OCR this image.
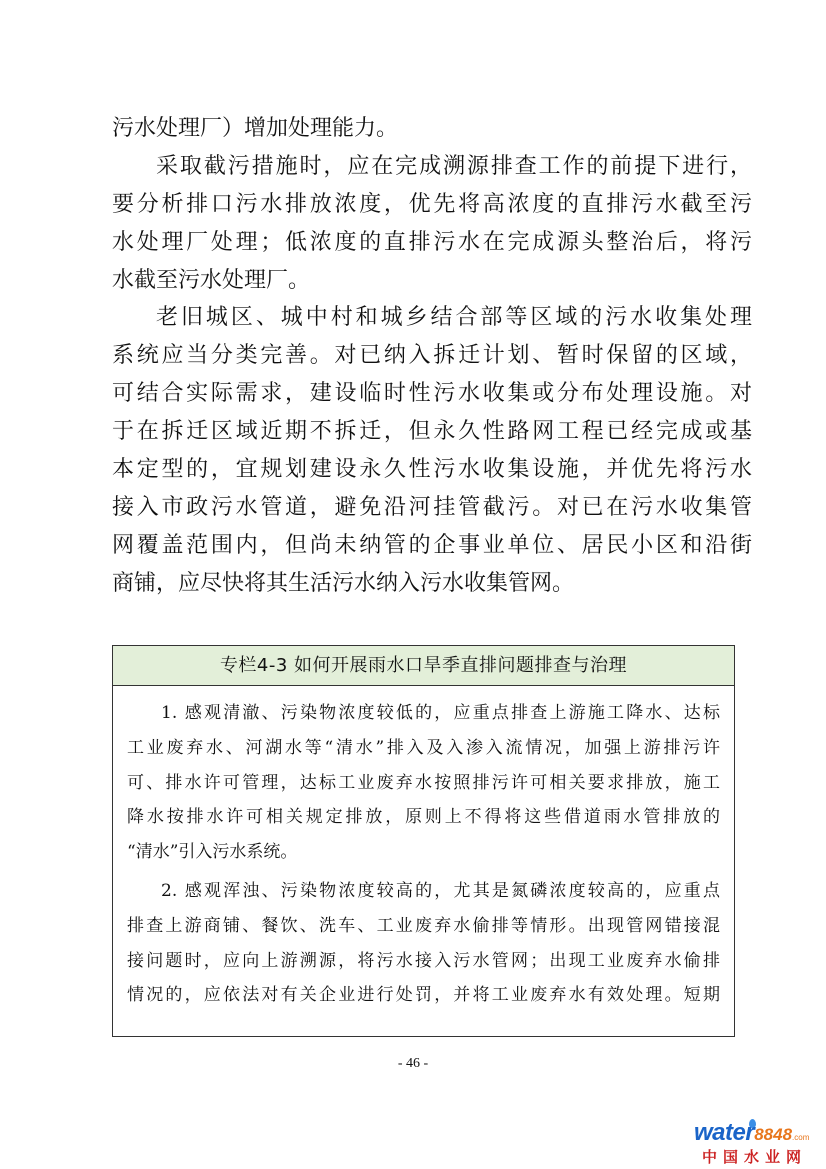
污水处理厂）增加处理能力。
采取截污措施时，应在完成溯源排查工作的前提下进行，
要分析排口污水排放浓度，优先将高浓度的直排污水截至污
水处理厂处理；低浓度的直排污水在完成源头整治后，将污
水截至污水处理厂。
老旧城区、城中村和城乡结合部等区域的污水收集处理
系统应当分类完善。对已纳入拆迁计划、暂时保留的区域，
可结合实际需求，建设临时性污水收集或分布处理设施。对
于在拆迁区域近期不拆迁，但永久性路网工程已经完成或基
本定型的，宜规划建设永久性污水收集设施，并优先将污水
接入市政污水管道，避免沿河挂管截污。对已在污水收集管
网覆盖范围内，但尚未纳管的企事业单位、居民小区和沿街
商铺，应尽快将其生活污水纳入污水收集管网。
专栏4-3 如何开展雨水口旱季直排问题排查与治理
1. 感观清澈、污染物浓度较低的，应重点排查上游施工降水、达标
工业废弃水、河湖水等“清水”排入及入渗入流情况，加强上游排污许
可、排水许可管理，达标工业废弃水按照排污许可相关要求排放，施工
降水按排水许可相关规定排放，原则上不得将这些借道雨水管排放的
“清水”引入污水系统。
2. 感观浑浊、污染物浓度较高的，尤其是氮磷浓度较高的，应重点
排查上游商铺、餐饮、洗车、工业废弃水偷排等情形。出现管网错接混
接问题时，应向上游溯源，将污水接入污水管网；出现工业废弃水偷排
情况的，应依法对有关企业进行处罚，并将工业废弃水有效处理。短期
- 46 -
water8848.com
中国水业网
